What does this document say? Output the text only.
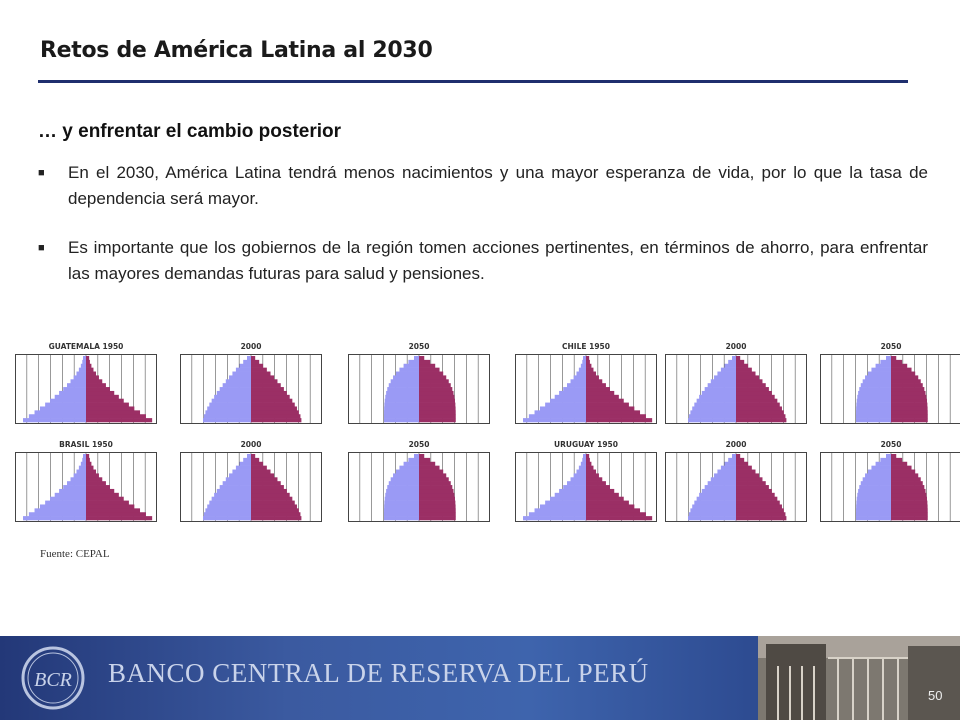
Retos de América Latina al 2030
… y enfrentar el cambio posterior
■ En el 2030, América Latina tendrá menos nacimientos y una mayor esperanza de vida, por lo que la tasa de dependencia será mayor.
■ Es importante que los gobiernos de la región tomen acciones pertinentes, en términos de ahorro, para enfrentar las mayores demandas futuras para salud y pensiones.
GUATEMALA 1950	2000	2050	CHILE 1950	2000	2050
BRASIL 1950	2000	2050	URUGUAY 1950	2000	2050
Fuente: CEPAL
BCR BANCO CENTRAL DE RESERVA DEL PERÚ
50
